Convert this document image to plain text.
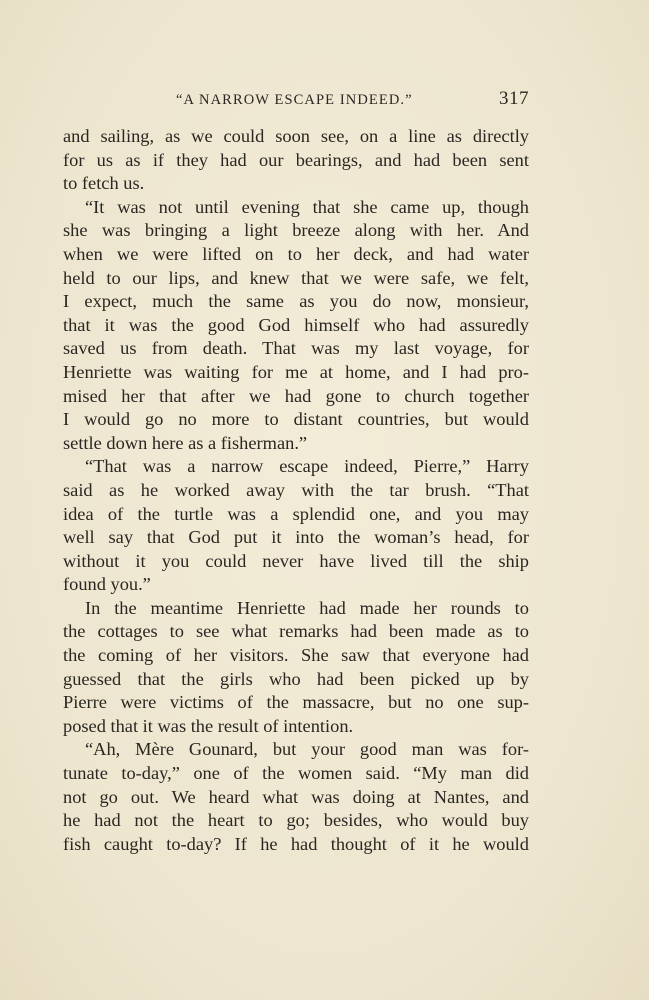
“A NARROW ESCAPE INDEED.”	317
and sailing, as we could soon see, on a line as directly
for us as if they had our bearings, and had been sent
to fetch us.
“It was not until evening that she came up, though
she was bringing a light breeze along with her. And
when we were lifted on to her deck, and had water
held to our lips, and knew that we were safe, we felt,
I expect, much the same as you do now, monsieur,
that it was the good God himself who had assuredly
saved us from death. That was my last voyage, for
Henriette was waiting for me at home, and I had pro-
mised her that after we had gone to church together
I would go no more to distant countries, but would
settle down here as a fisherman.”
“That was a narrow escape indeed, Pierre,” Harry
said as he worked away with the tar brush. “That
idea of the turtle was a splendid one, and you may
well say that God put it into the woman’s head, for
without it you could never have lived till the ship
found you.”
In the meantime Henriette had made her rounds to
the cottages to see what remarks had been made as to
the coming of her visitors. She saw that everyone had
guessed that the girls who had been picked up by
Pierre were victims of the massacre, but no one sup-
posed that it was the result of intention.
“Ah, Mère Gounard, but your good man was for-
tunate to-day,” one of the women said. “My man did
not go out. We heard what was doing at Nantes, and
he had not the heart to go; besides, who would buy
fish caught to-day? If he had thought of it he would
